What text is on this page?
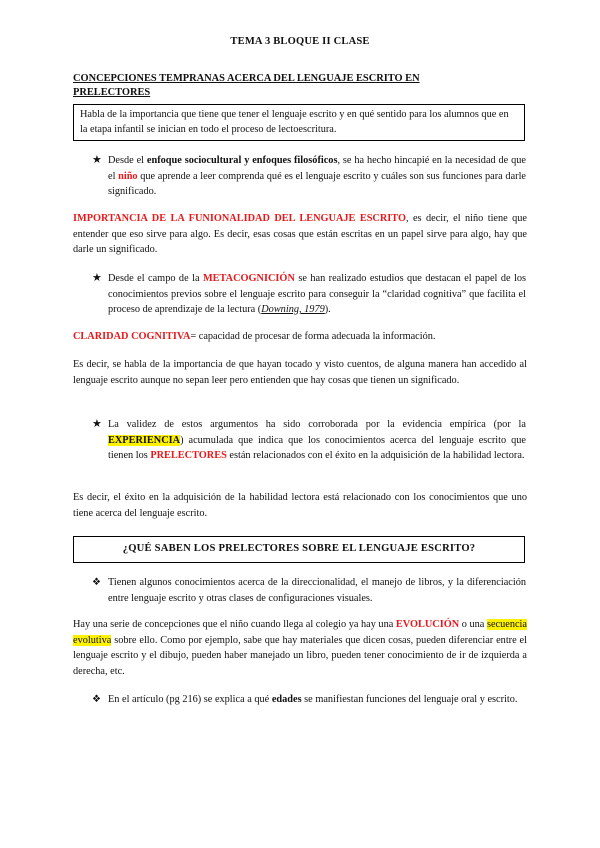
TEMA 3 BLOQUE II CLASE
CONCEPCIONES TEMPRANAS ACERCA DEL LENGUAJE ESCRITO EN PRELECTORES
Habla de la importancia que tiene que tener el lenguaje escrito y en qué sentido para los alumnos que en la etapa infantil se inician en todo el proceso de lectoescritura.
★ Desde el enfoque sociocultural y enfoques filosóficos, se ha hecho hincapié en la necesidad de que el niño que aprende a leer comprenda qué es el lenguaje escrito y cuáles son sus funciones para darle significado.
IMPORTANCIA DE LA FUNIONALIDAD DEL LENGUAJE ESCRITO, es decir, el niño tiene que entender que eso sirve para algo. Es decir, esas cosas que están escritas en un papel sirve para algo, hay que darle un significado.
★ Desde el campo de la METACOGNICIÓN se han realizado estudios que destacan el papel de los conocimientos previos sobre el lenguaje escrito para conseguir la “claridad cognitiva” que facilita el proceso de aprendizaje de la lectura (Downing, 1979).
CLARIDAD COGNITIVA= capacidad de procesar de forma adecuada la información.
Es decir, se habla de la importancia de que hayan tocado y visto cuentos, de alguna manera han accedido al lenguaje escrito aunque no sepan leer pero entienden que hay cosas que tienen un significado.
★ La validez de estos argumentos ha sido corroborada por la evidencia empírica (por la EXPERIENCIA) acumulada que indica que los conocimientos acerca del lenguaje escrito que tienen los PRELECTORES están relacionados con el éxito en la adquisición de la habilidad lectora.
Es decir, el éxito en la adquisición de la habilidad lectora está relacionado con los conocimientos que uno tiene acerca del lenguaje escrito.
¿QUÉ SABEN LOS PRELECTORES SOBRE EL LENGUAJE ESCRITO?
❖ Tienen algunos conocimientos acerca de la direccionalidad, el manejo de libros, y la diferenciación entre lenguaje escrito y otras clases de configuraciones visuales.
Hay una serie de concepciones que el niño cuando llega al colegio ya hay una EVOLUCIÓN o una secuencia evolutiva sobre ello. Como por ejemplo, sabe que hay materiales que dicen cosas, pueden diferenciar entre el lenguaje escrito y el dibujo, pueden haber manejado un libro, pueden tener conocimiento de ir de izquierda a derecha, etc.
❖ En el artículo (pg 216) se explica a qué edades se manifiestan funciones del lenguaje oral y escrito.
